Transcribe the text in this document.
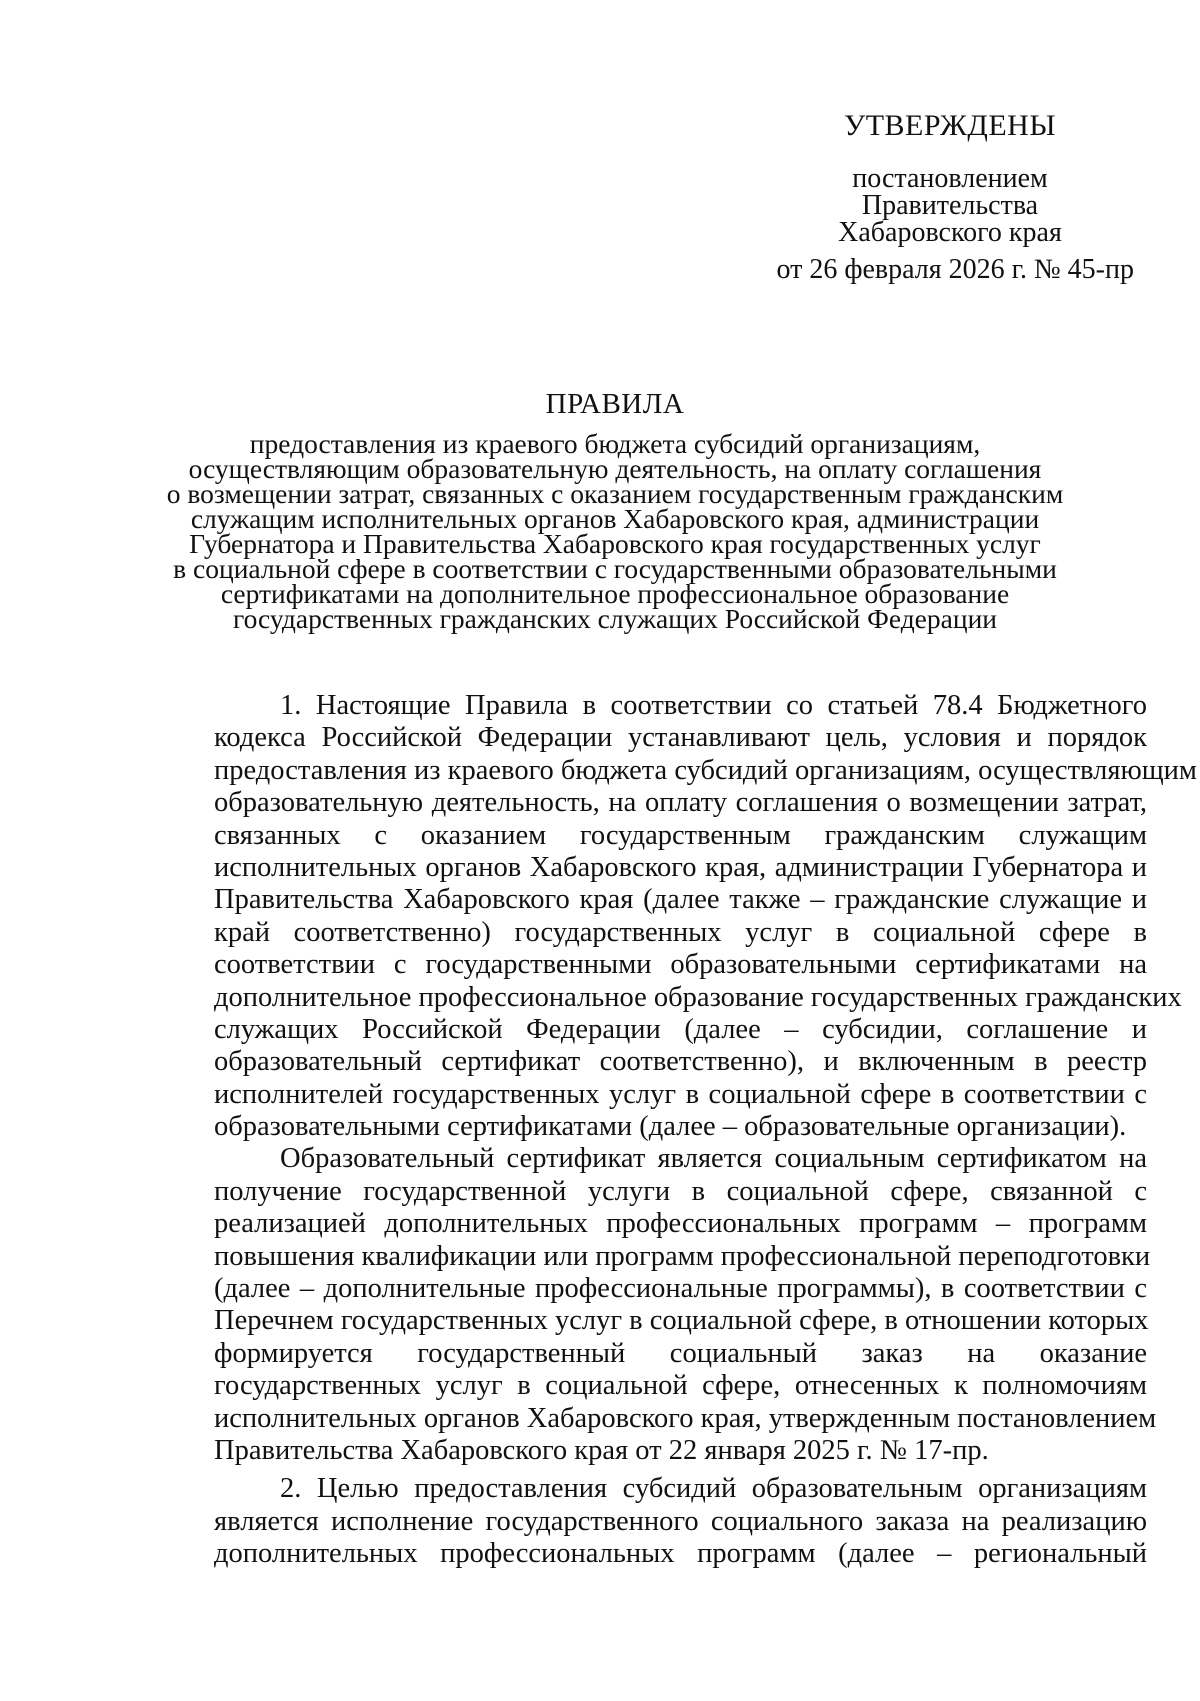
УТВЕРЖДЕНЫ
постановлением
Правительства
Хабаровского края
от 26 февраля 2026 г. № 45-пр
ПРАВИЛА
предоставления из краевого бюджета субсидий организациям,
осуществляющим образовательную деятельность, на оплату соглашения
о возмещении затрат, связанных с оказанием государственным гражданским
служащим исполнительных органов Хабаровского края, администрации
Губернатора и Правительства Хабаровского края государственных услуг
в социальной сфере в соответствии с государственными образовательными
сертификатами на дополнительное профессиональное образование
государственных гражданских служащих Российской Федерации
1. Настоящие Правила в соответствии со статьей 78.4 Бюджетного
кодекса Российской Федерации устанавливают цель, условия и порядок
предоставления из краевого бюджета субсидий организациям, осуществляющим
образовательную деятельность, на оплату соглашения о возмещении затрат,
связанных с оказанием государственным гражданским служащим
исполнительных органов Хабаровского края, администрации Губернатора и
Правительства Хабаровского края (далее также – гражданские служащие и
край соответственно) государственных услуг в социальной сфере в
соответствии с государственными образовательными сертификатами на
дополнительное профессиональное образование государственных гражданских
служащих Российской Федерации (далее – субсидии, соглашение и
образовательный сертификат соответственно), и включенным в реестр
исполнителей государственных услуг в социальной сфере в соответствии с
образовательными сертификатами (далее – образовательные организации).
Образовательный сертификат является социальным сертификатом на
получение государственной услуги в социальной сфере, связанной с
реализацией дополнительных профессиональных программ – программ
повышения квалификации или программ профессиональной переподготовки
(далее – дополнительные профессиональные программы), в соответствии с
Перечнем государственных услуг в социальной сфере, в отношении которых
формируется государственный социальный заказ на оказание
государственных услуг в социальной сфере, отнесенных к полномочиям
исполнительных органов Хабаровского края, утвержденным постановлением
Правительства Хабаровского края от 22 января 2025 г. № 17-пр.
2. Целью предоставления субсидий образовательным организациям
является исполнение государственного социального заказа на реализацию
дополнительных профессиональных программ (далее – региональный
